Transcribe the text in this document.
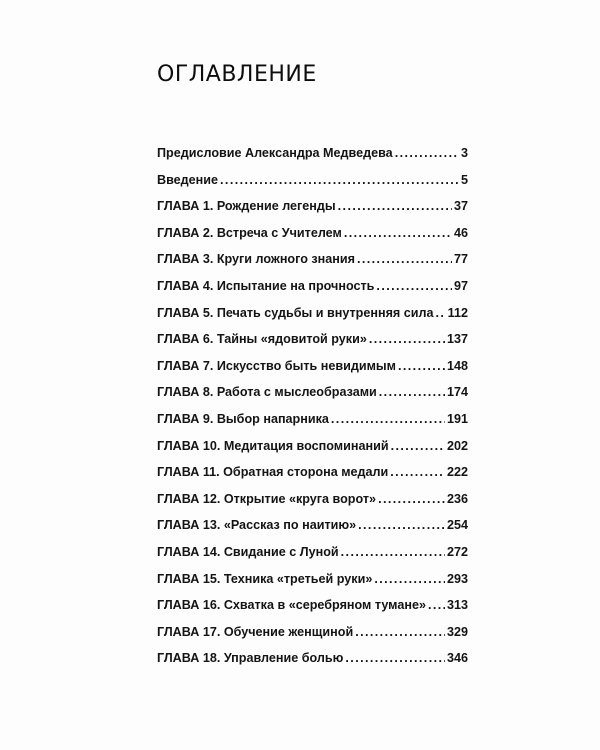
ОГЛАВЛЕНИЕ
Предисловие Александра Медведева .....	3
Введение .....	5
ГЛАВА 1. Рождение легенды .....	37
ГЛАВА 2. Встреча с Учителем .....	46
ГЛАВА 3. Круги ложного знания .....	77
ГЛАВА 4. Испытание на прочность .....	97
ГЛАВА 5. Печать судьбы и внутренняя сила ..... 112
ГЛАВА 6. Тайны «ядовитой руки» .....	137
ГЛАВА 7. Искусство быть невидимым .....	148
ГЛАВА 8. Работа с мыслеобразами .....	174
ГЛАВА 9. Выбор напарника .....	191
ГЛАВА 10. Медитация воспоминаний .....	202
ГЛАВА 11. Обратная сторона медали .....	222
ГЛАВА 12. Открытие «круга ворот» .....	236
ГЛАВА 13. «Рассказ по наитию» .....	254
ГЛАВА 14. Свидание с Луной .....	272
ГЛАВА 15. Техника «третьей руки» .....	293
ГЛАВА 16. Схватка в «серебряном тумане» ..... 313
ГЛАВА 17. Обучение женщиной .....	329
ГЛАВА 18. Управление болью .....	346
